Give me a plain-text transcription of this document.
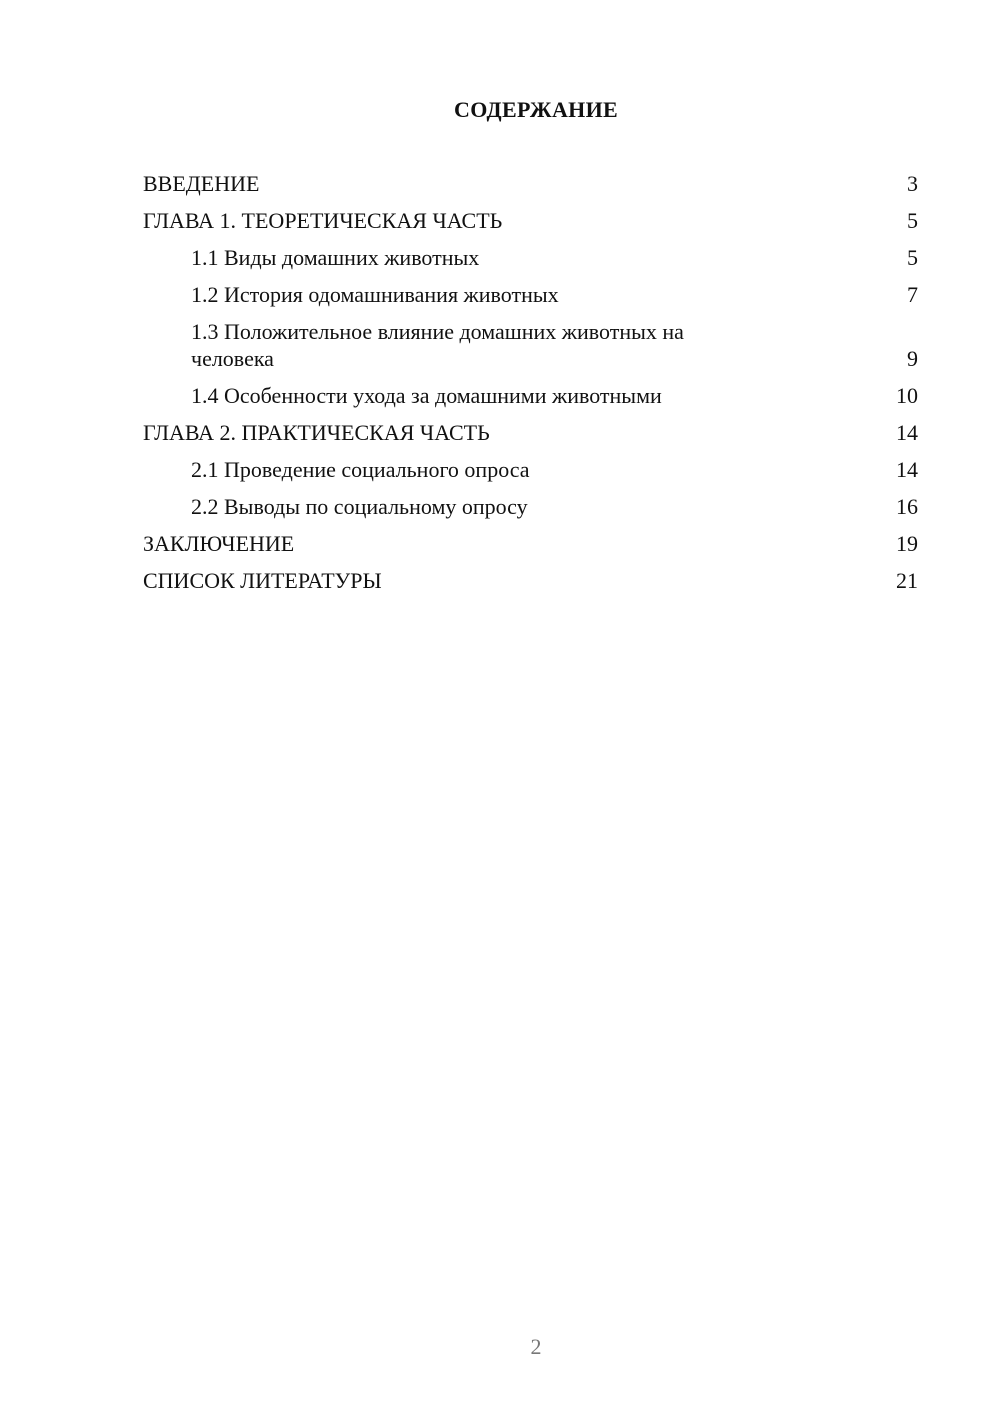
СОДЕРЖАНИЕ
ВВЕДЕНИЕ	3
ГЛАВА 1. ТЕОРЕТИЧЕСКАЯ ЧАСТЬ	5
1.1 Виды домашних животных	5
1.2 История одомашнивания животных	7
1.3 Положительное влияние домашних животных на человека	9
1.4 Особенности ухода за домашними животными	10
ГЛАВА 2. ПРАКТИЧЕСКАЯ ЧАСТЬ	14
2.1 Проведение социального опроса	14
2.2 Выводы по социальному опросу	16
ЗАКЛЮЧЕНИЕ	19
СПИСОК ЛИТЕРАТУРЫ	21
2
